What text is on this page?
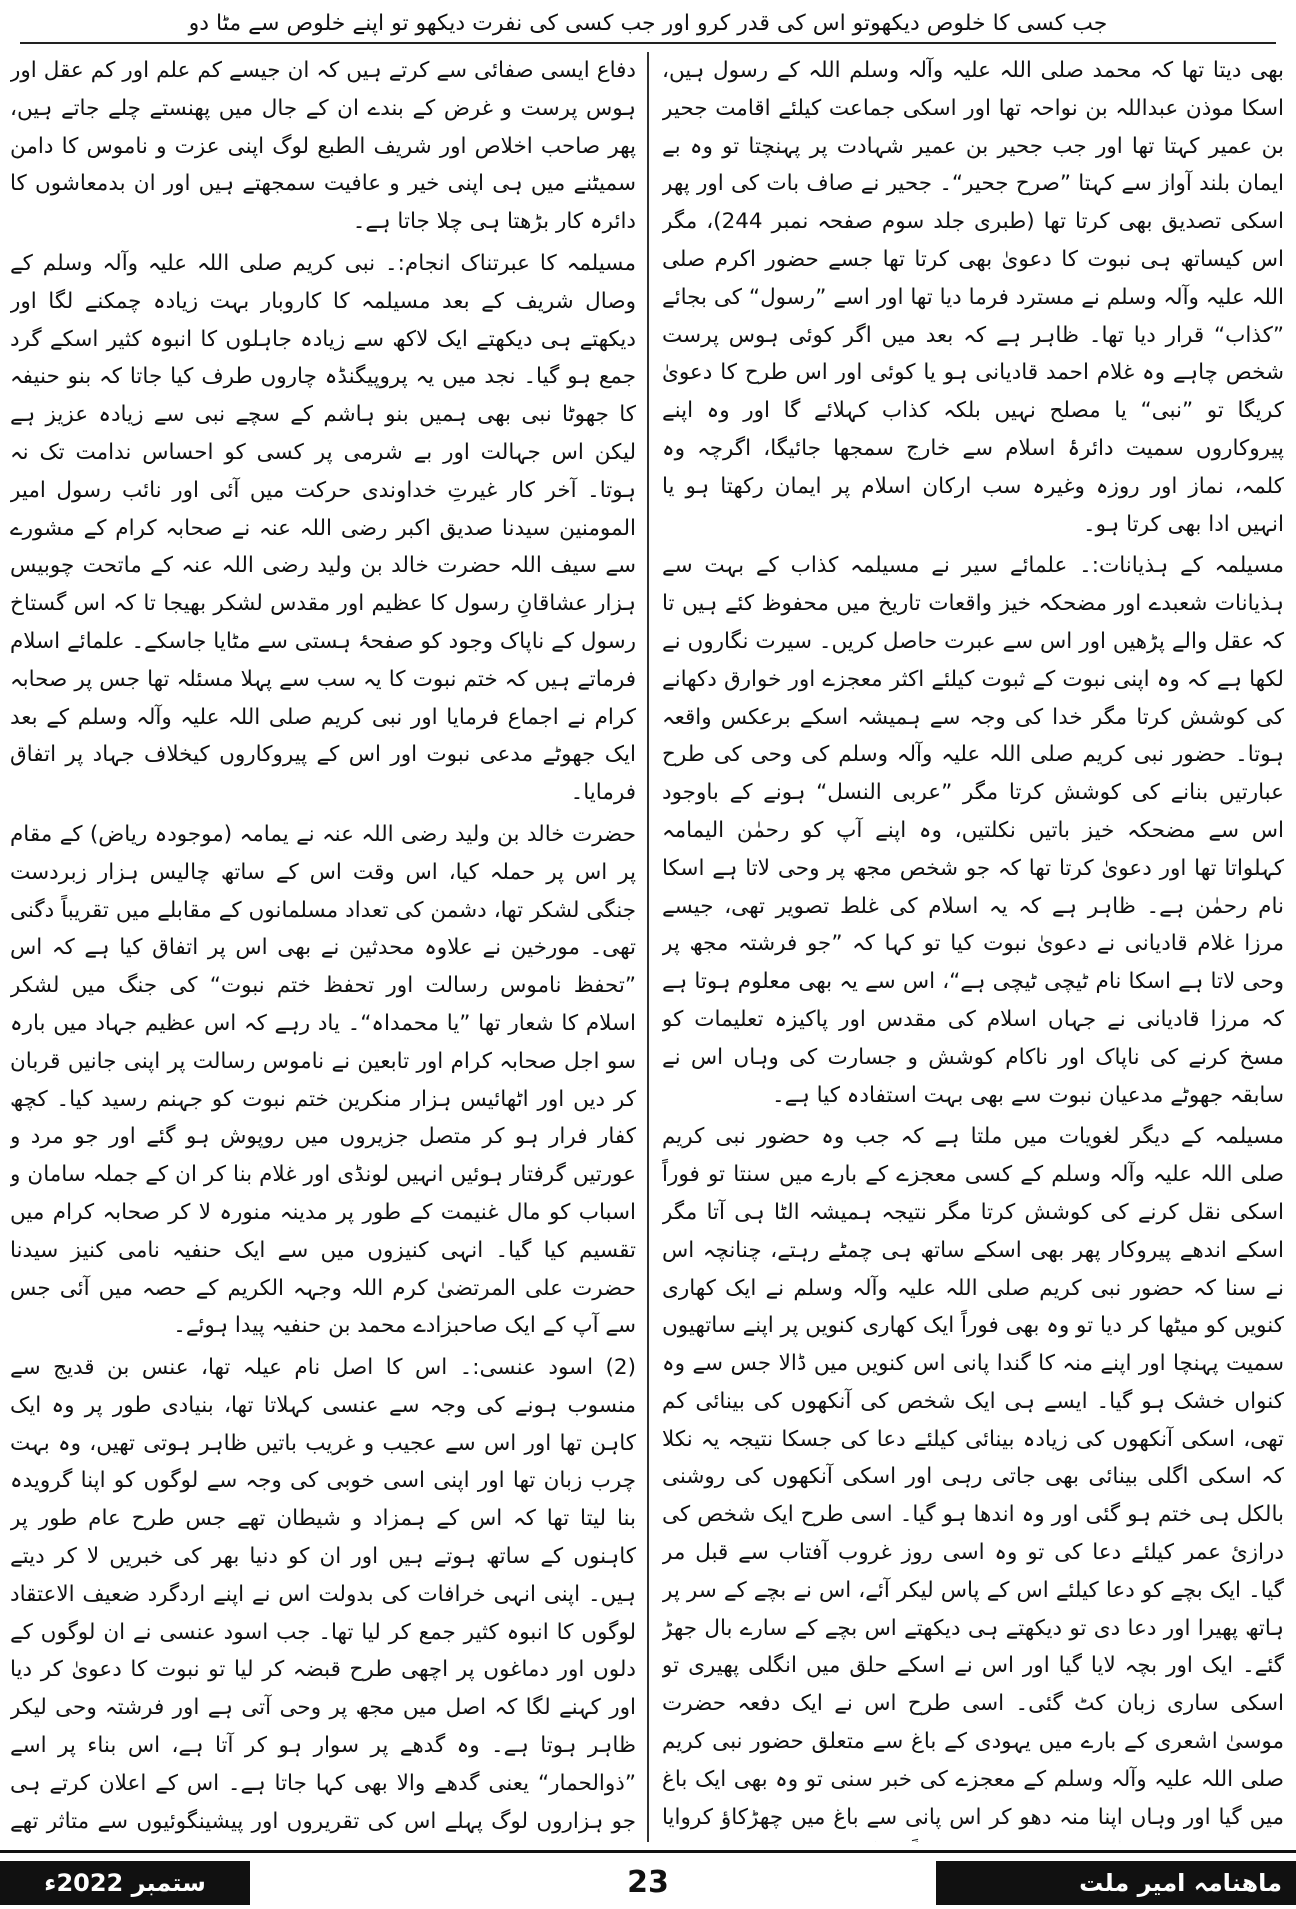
جب کسی کا خلوص دیکھوتو اس کی قدر کرو اور جب کسی کی نفرت دیکھو تو اپنے خلوص سے مٹا دو

بھی دیتا تھا کہ محمد صلی اللہ علیہ وآلہ وسلم اللہ کے رسول ہیں، اسکا موذن عبداللہ بن نواحہ تھا اور اسکی جماعت کیلئے اقامت جحیر بن عمیر کہتا تھا اور جب جحیر بن عمیر شہادت پر پہنچتا تو وہ بے ایمان بلند آواز سے کہتا ”صرح جحیر“۔ جحیر نے صاف بات کی اور پھر اسکی تصدیق بھی کرتا تھا (طبری جلد سوم صفحہ نمبر 244)، مگر اس کیساتھ ہی نبوت کا دعویٰ بھی کرتا تھا جسے حضور اکرم صلی اللہ علیہ وآلہ وسلم نے مسترد فرما دیا تھا اور اسے ”رسول“ کی بجائے ”کذاب“ قرار دیا تھا۔ ظاہر ہے کہ بعد میں اگر کوئی ہوس پرست شخص چاہے وہ غلام احمد قادیانی ہو یا کوئی اور اس طرح کا دعویٰ کریگا تو ”نبی“ یا مصلح نہیں بلکہ کذاب کہلائے گا اور وہ اپنے پیروکاروں سمیت دائرۂ اسلام سے خارج سمجھا جائیگا، اگرچہ وہ کلمہ، نماز اور روزہ وغیرہ سب ارکان اسلام پر ایمان رکھتا ہو یا انہیں ادا بھی کرتا ہو۔

مسیلمہ کے ہذیانات:۔ علمائے سیر نے مسیلمہ کذاب کے بہت سے ہذیانات شعبدے اور مضحکہ خیز واقعات تاریخ میں محفوظ کئے ہیں تا کہ عقل والے پڑھیں اور اس سے عبرت حاصل کریں۔ سیرت نگاروں نے لکھا ہے کہ وہ اپنی نبوت کے ثبوت کیلئے اکثر معجزے اور خوارق دکھانے کی کوشش کرتا مگر خدا کی وجہ سے ہمیشہ اسکے برعکس واقعہ ہوتا۔ حضور نبی کریم صلی اللہ علیہ وآلہ وسلم کی وحی کی طرح عبارتیں بنانے کی کوشش کرتا مگر ”عربی النسل“ ہونے کے باوجود اس سے مضحکہ خیز باتیں نکلتیں، وہ اپنے آپ کو رحمٰن الیمامہ کہلواتا تھا اور دعویٰ کرتا تھا کہ جو شخص مجھ پر وحی لاتا ہے اسکا نام رحمٰن ہے۔ ظاہر ہے کہ یہ اسلام کی غلط تصویر تھی، جیسے مرزا غلام قادیانی نے دعویٰ نبوت کیا تو کہا کہ ”جو فرشتہ مجھ پر وحی لاتا ہے اسکا نام ٹیچی ٹیچی ہے“، اس سے یہ بھی معلوم ہوتا ہے کہ مرزا قادیانی نے جہاں اسلام کی مقدس اور پاکیزہ تعلیمات کو مسخ کرنے کی ناپاک اور ناکام کوشش و جسارت کی وہاں اس نے سابقہ جھوٹے مدعیان نبوت سے بھی بہت استفادہ کیا ہے۔

مسیلمہ کے دیگر لغویات میں ملتا ہے کہ جب وہ حضور نبی کریم صلی اللہ علیہ وآلہ وسلم کے کسی معجزے کے بارے میں سنتا تو فوراً اسکی نقل کرنے کی کوشش کرتا مگر نتیجہ ہمیشہ الٹا ہی آتا مگر اسکے اندھے پیروکار پھر بھی اسکے ساتھ ہی چمٹے رہتے، چنانچہ اس نے سنا کہ حضور نبی کریم صلی اللہ علیہ وآلہ وسلم نے ایک کھاری کنویں کو میٹھا کر دیا تو وہ بھی فوراً ایک کھاری کنویں پر اپنے ساتھیوں سمیت پہنچا اور اپنے منہ کا گندا پانی اس کنویں میں ڈالا جس سے وہ کنواں خشک ہو گیا۔ ایسے ہی ایک شخص کی آنکھوں کی بینائی کم تھی، اسکی آنکھوں کی زیادہ بینائی کیلئے دعا کی جسکا نتیجہ یہ نکلا کہ اسکی اگلی بینائی بھی جاتی رہی اور اسکی آنکھوں کی روشنی بالکل ہی ختم ہو گئی اور وہ اندھا ہو گیا۔ اسی طرح ایک شخص کی درازئ عمر کیلئے دعا کی تو وہ اسی روز غروب آفتاب سے قبل مر گیا۔ ایک بچے کو دعا کیلئے اس کے پاس لیکر آئے، اس نے بچے کے سر پر ہاتھ پھیرا اور دعا دی تو دیکھتے ہی دیکھتے اس بچے کے سارے بال جھڑ گئے۔ ایک اور بچہ لایا گیا اور اس نے اسکے حلق میں انگلی پھیری تو اسکی ساری زبان کٹ گئی۔ اسی طرح اس نے ایک دفعہ حضرت موسیٰ اشعری کے بارے میں یہودی کے باغ سے متعلق حضور نبی کریم صلی اللہ علیہ وآلہ وسلم کے معجزے کی خبر سنی تو وہ بھی ایک باغ میں گیا اور وہاں اپنا منہ دھو کر اس پانی سے باغ میں چھڑکاؤ کروایا

دفاع ایسی صفائی سے کرتے ہیں کہ ان جیسے کم علم اور کم عقل اور ہوس پرست و غرض کے بندے ان کے جال میں پھنستے چلے جاتے ہیں، پھر صاحب اخلاص اور شریف الطبع لوگ اپنی عزت و ناموس کا دامن سمیٹنے میں ہی اپنی خیر و عافیت سمجھتے ہیں اور ان بدمعاشوں کا دائرہ کار بڑھتا ہی چلا جاتا ہے۔

مسیلمہ کا عبرتناک انجام:۔ نبی کریم صلی اللہ علیہ وآلہ وسلم کے وصال شریف کے بعد مسیلمہ کا کاروبار بہت زیادہ چمکنے لگا اور دیکھتے ہی دیکھتے ایک لاکھ سے زیادہ جاہلوں کا انبوہ کثیر اسکے گرد جمع ہو گیا۔ نجد میں یہ پروپیگنڈہ چاروں طرف کیا جاتا کہ بنو حنیفہ کا جھوٹا نبی بھی ہمیں بنو ہاشم کے سچے نبی سے زیادہ عزیز ہے لیکن اس جہالت اور بے شرمی پر کسی کو احساس ندامت تک نہ ہوتا۔ آخر کار غیرتِ خداوندی حرکت میں آئی اور نائب رسول امیر المومنین سیدنا صدیق اکبر رضی اللہ عنہ نے صحابہ کرام کے مشورے سے سیف اللہ حضرت خالد بن ولید رضی اللہ عنہ کے ماتحت چوبیس ہزار عشاقانِ رسول کا عظیم اور مقدس لشکر بھیجا تا کہ اس گستاخ رسول کے ناپاک وجود کو صفحۂ ہستی سے مٹایا جاسکے۔ علمائے اسلام فرماتے ہیں کہ ختم نبوت کا یہ سب سے پہلا مسئلہ تھا جس پر صحابہ کرام نے اجماع فرمایا اور نبی کریم صلی اللہ علیہ وآلہ وسلم کے بعد ایک جھوٹے مدعی نبوت اور اس کے پیروکاروں کیخلاف جہاد پر اتفاق فرمایا۔

حضرت خالد بن ولید رضی اللہ عنہ نے یمامہ (موجودہ ریاض) کے مقام پر اس پر حملہ کیا، اس وقت اس کے ساتھ چالیس ہزار زبردست جنگی لشکر تھا، دشمن کی تعداد مسلمانوں کے مقابلے میں تقریباً دگنی تھی۔ مورخین نے علاوہ محدثین نے بھی اس پر اتفاق کیا ہے کہ اس ”تحفظ ناموس رسالت اور تحفظ ختم نبوت“ کی جنگ میں لشکر اسلام کا شعار تھا ”یا محمداہ“۔ یاد رہے کہ اس عظیم جہاد میں بارہ سو اجل صحابہ کرام اور تابعین نے ناموس رسالت پر اپنی جانیں قربان کر دیں اور اٹھائیس ہزار منکرین ختم نبوت کو جہنم رسید کیا۔ کچھ کفار فرار ہو کر متصل جزیروں میں روپوش ہو گئے اور جو مرد و عورتیں گرفتار ہوئیں انہیں لونڈی اور غلام بنا کر ان کے جملہ سامان و اسباب کو مال غنیمت کے طور پر مدینہ منورہ لا کر صحابہ کرام میں تقسیم کیا گیا۔ انہی کنیزوں میں سے ایک حنفیہ نامی کنیز سیدنا حضرت علی المرتضیٰ کرم اللہ وجہہ الکریم کے حصہ میں آئی جس سے آپ کے ایک صاحبزادے محمد بن حنفیہ پیدا ہوئے۔

(2) اسود عنسی:۔ اس کا اصل نام عیلہ تھا، عنس بن قدیج سے منسوب ہونے کی وجہ سے عنسی کہلاتا تھا، بنیادی طور پر وہ ایک کاہن تھا اور اس سے عجیب و غریب باتیں ظاہر ہوتی تھیں، وہ بہت چرب زبان تھا اور اپنی اسی خوبی کی وجہ سے لوگوں کو اپنا گرویدہ بنا لیتا تھا کہ اس کے ہمزاد و شیطان تھے جس طرح عام طور پر کاہنوں کے ساتھ ہوتے ہیں اور ان کو دنیا بھر کی خبریں لا کر دیتے ہیں۔ اپنی انہی خرافات کی بدولت اس نے اپنے اردگرد ضعیف الاعتقاد لوگوں کا انبوہ کثیر جمع کر لیا تھا۔ جب اسود عنسی نے ان لوگوں کے دلوں اور دماغوں پر اچھی طرح قبضہ کر لیا تو نبوت کا دعویٰ کر دیا اور کہنے لگا کہ اصل میں مجھ پر وحی آتی ہے اور فرشتہ وحی لیکر ظاہر ہوتا ہے۔ وہ گدھے پر سوار ہو کر آتا ہے، اس بناء پر اسے ”ذوالحمار“ یعنی گدھے والا بھی کہا جاتا ہے۔ اس کے اعلان کرتے ہی جو ہزاروں لوگ پہلے اس کی تقریروں اور پیشینگوئیوں سے متاثر تھے

ماھنامہ امیر ملت
23
ستمبر 2022ء
